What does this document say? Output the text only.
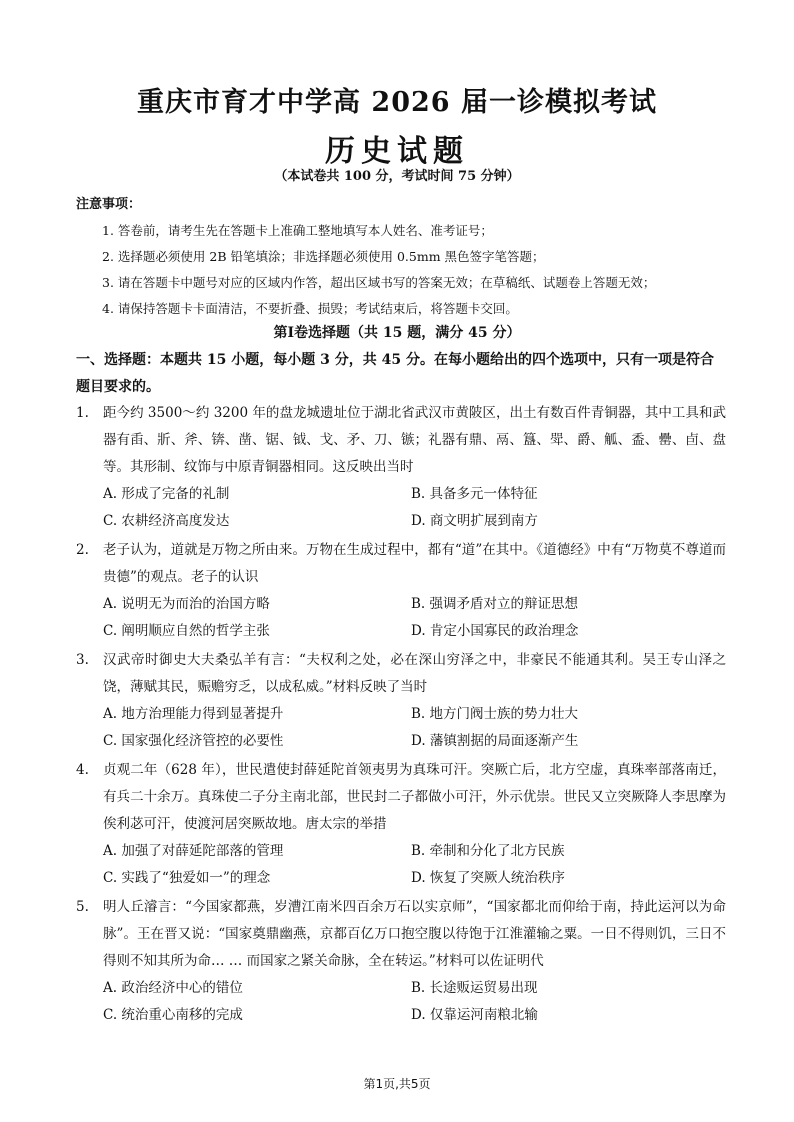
重庆市育才中学高 2026 届一诊模拟考试
历史试题
（本试卷共 100 分，考试时间 75 分钟）
注意事项：
1. 答卷前，请考生先在答题卡上准确工整地填写本人姓名、准考证号；
2. 选择题必须使用 2B 铅笔填涂；非选择题必须使用 0.5mm 黑色签字笔答题；
3. 请在答题卡中题号对应的区域内作答，超出区域书写的答案无效；在草稿纸、试题卷上答题无效；
4. 请保持答题卡卡面清洁，不要折叠、损毁；考试结束后，将答题卡交回。
第Ⅰ卷选择题（共 15 题，满分 45 分）
一、选择题：本题共 15 小题，每小题 3 分，共 45 分。在每小题给出的四个选项中，只有一项是符合题目要求的。
1. 距今约 3500～约 3200 年的盘龙城遗址位于湖北省武汉市黄陂区，出土有数百件青铜器，其中工具和武器有臿、斨、斧、锛、凿、锯、钺、戈、矛、刀、镞；礼器有鼎、鬲、簋、斝、爵、觚、盉、罍、卣、盘等。其形制、纹饰与中原青铜器相同。这反映出当时
A. 形成了完备的礼制	B. 具备多元一体特征
C. 农耕经济高度发达	D. 商文明扩展到南方
2. 老子认为，道就是万物之所由来。万物在生成过程中，都有“道”在其中。《道德经》中有“万物莫不尊道而贵德”的观点。老子的认识
A. 说明无为而治的治国方略	B. 强调矛盾对立的辩证思想
C. 阐明顺应自然的哲学主张	D. 肯定小国寡民的政治理念
3. 汉武帝时御史大夫桑弘羊有言：“夫权利之处，必在深山穷泽之中，非豪民不能通其利。吴王专山泽之饶，薄赋其民，赈赡穷乏，以成私威。”材料反映了当时
A. 地方治理能力得到显著提升	B. 地方门阀士族的势力壮大
C. 国家强化经济管控的必要性	D. 藩镇割据的局面逐渐产生
4. 贞观二年（628 年），世民遣使封薛延陀首领夷男为真珠可汗。突厥亡后，北方空虚，真珠率部落南迁，有兵二十余万。真珠使二子分主南北部，世民封二子都做小可汗，外示优崇。世民又立突厥降人李思摩为俟利苾可汗，使渡河居突厥故地。唐太宗的举措
A. 加强了对薛延陀部落的管理	B. 牵制和分化了北方民族
C. 实践了“独爱如一”的理念	D. 恢复了突厥人统治秩序
5. 明人丘濬言：“今国家都燕，岁漕江南米四百余万石以实京师”，“国家都北而仰给于南，持此运河以为命脉”。王在晋又说：“国家奠鼎幽燕，京都百亿万口抱空腹以待饱于江淮灌输之粟。一日不得则饥，三日不得则不知其所为命… … 而国家之紧关命脉，全在转运。”材料可以佐证明代
A. 政治经济中心的错位	B. 长途贩运贸易出现
C. 统治重心南移的完成	D. 仅靠运河南粮北输
第1页,共5页
